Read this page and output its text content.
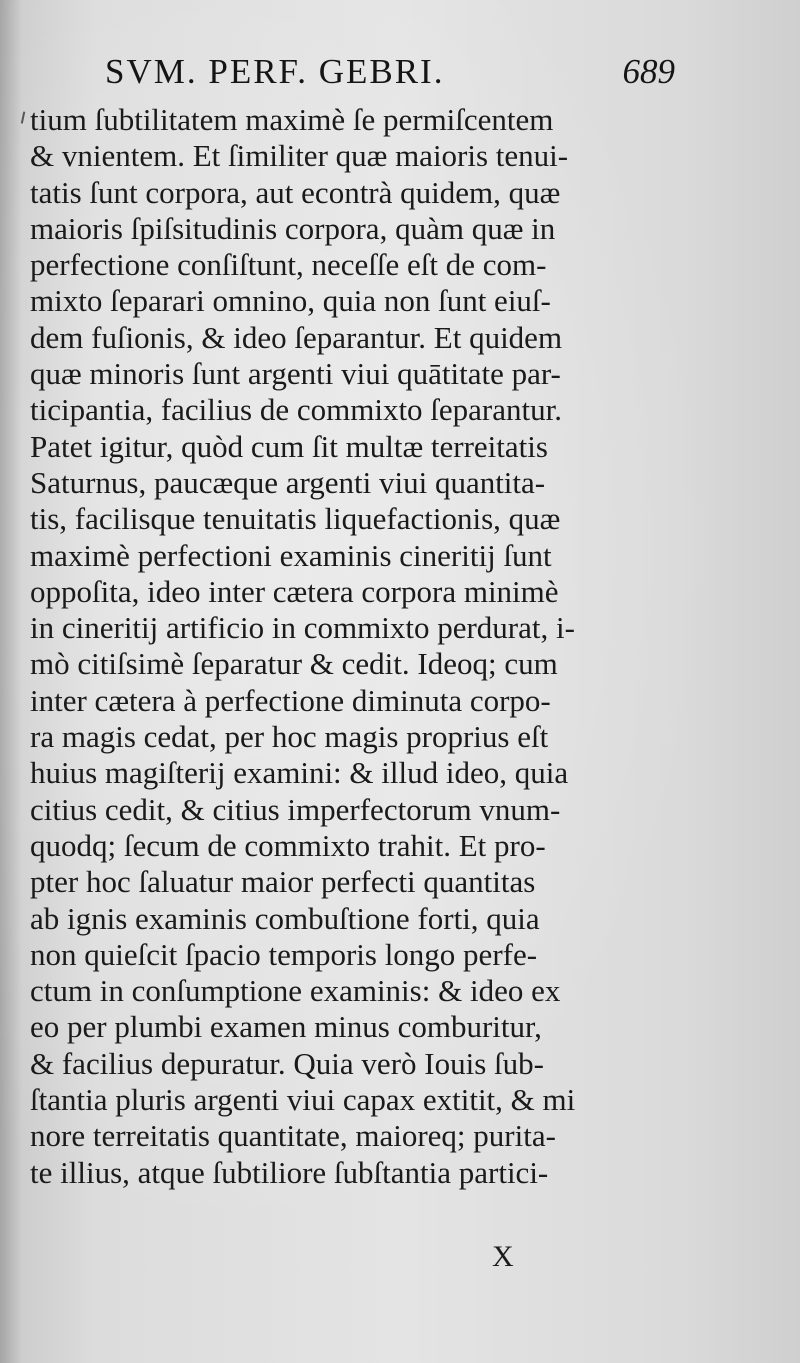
SVM. PERF. GEBRI.	689
tium ſubtilitatem maximè ſe permiſcentem
& vnientem. Et ſimiliter quæ maioris tenui-
tatis ſunt corpora, aut econtrà quidem, quæ
maioris ſpiſsitudinis corpora, quàm quæ in
perfectione conſiſtunt, neceſſe eſt de com-
mixto ſeparari omnino, quia non ſunt eiuſ-
dem fuſionis, & ideo ſeparantur. Et quidem
quæ minoris ſunt argenti viui quātitate par-
ticipantia, facilius de commixto ſeparantur.
Patet igitur, quòd cum ſit multæ terreitatis
Saturnus, paucæque argenti viui quantita-
tis, facilisque tenuitatis liquefactionis, quæ
maximè perfectioni examinis cineritij ſunt
oppoſita, ideo inter cætera corpora minimè
in cineritij artificio in commixto perdurat, i-
mò citiſsimè ſeparatur & cedit. Ideoq; cum
inter cætera à perfectione diminuta corpo-
ra magis cedat, per hoc magis proprius eſt
huius magiſterij examini: & illud ideo, quia
citius cedit, & citius imperfectorum vnum-
quodq; ſecum de commixto trahit. Et pro-
pter hoc ſaluatur maior perfecti quantitas
ab ignis examinis combuſtione forti, quia
non quieſcit ſpacio temporis longo perfe-
ctum in conſumptione examinis: & ideo ex
eo per plumbi examen minus comburitur,
& facilius depuratur. Quia verò Iouis ſub-
ſtantia pluris argenti viui capax extitit, & mi
nore terreitatis quantitate, maioreq; purita-
te illius, atque ſubtiliore ſubſtantia partici-
X
